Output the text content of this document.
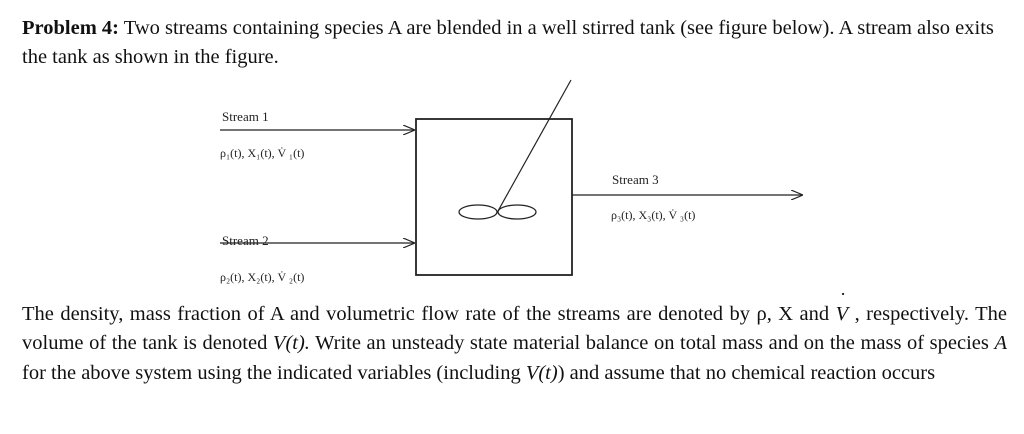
Problem 4: Two streams containing species A are blended in a well stirred tank (see figure below). A stream also exits the tank as shown in the figure.

Stream 1
ρ₁(t), X₁(t), V̇ ₁(t)
Stream 2
ρ₂(t), X₂(t), V̇ ₂(t)
Stream 3
ρ₃(t), X₃(t), V̇ ₃(t)

The density, mass fraction of A and volumetric flow rate of the streams are denoted by ρ, X and ˙ V , respectively. The volume of the tank is denoted V(t). Write an unsteady state material balance on total mass and on the mass of species A for the above system using the indicated variables (including V(t)) and assume that no chemical reaction occurs
